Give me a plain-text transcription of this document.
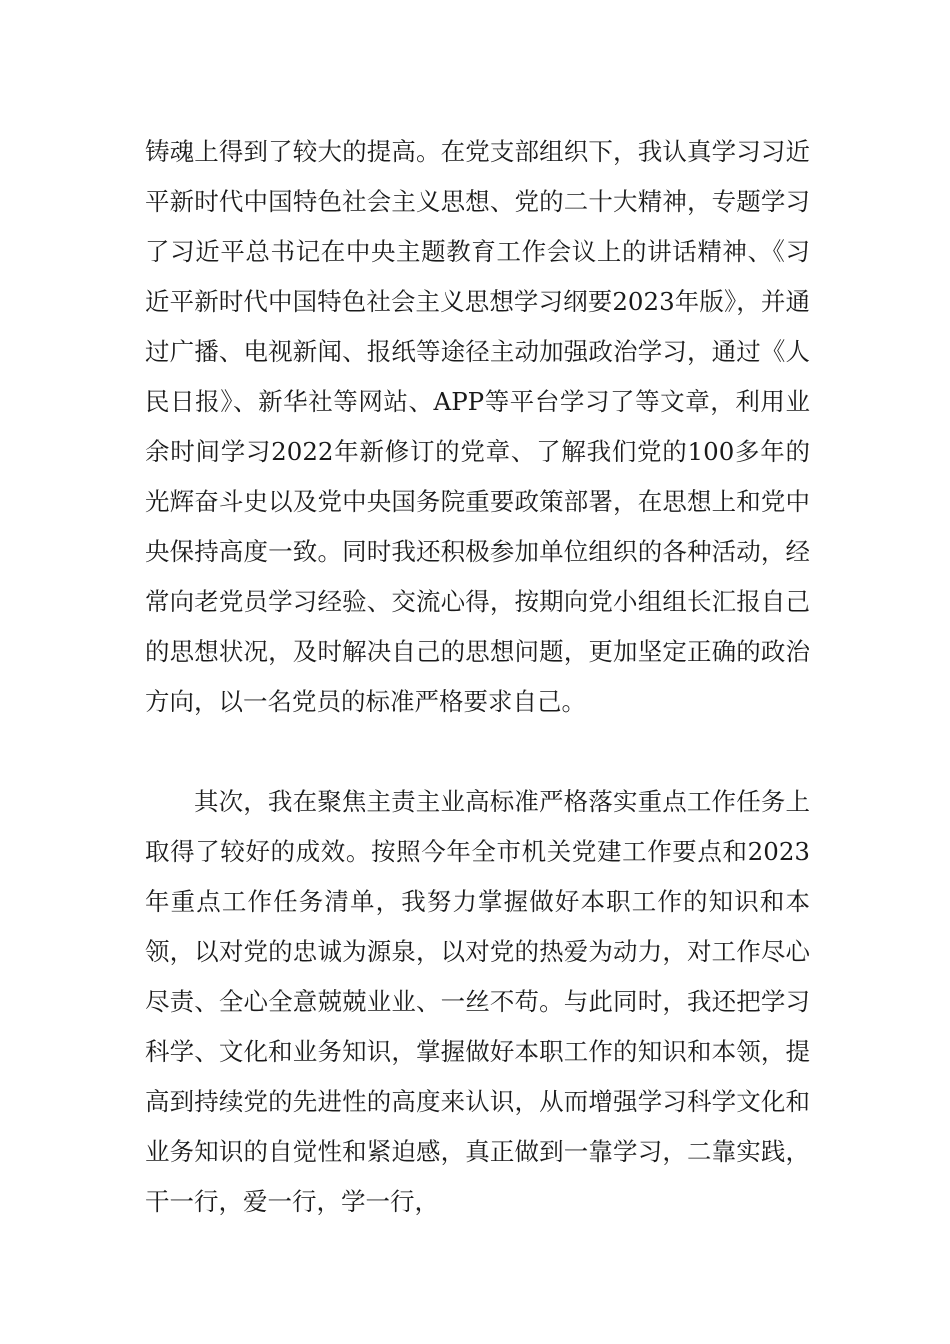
铸魂上得到了较大的提高。在党支部组织下，我认真学习习近平新时代中国特色社会主义思想、党的二十大精神，专题学习了习近平总书记在中央主题教育工作会议上的讲话精神、《习近平新时代中国特色社会主义思想学习纲要2023年版》，并通过广播、电视新闻、报纸等途径主动加强政治学习，通过《人民日报》、新华社等网站、APP等平台学习了等文章，利用业余时间学习2022年新修订的党章、了解我们党的100多年的光辉奋斗史以及党中央国务院重要政策部署，在思想上和党中央保持高度一致。同时我还积极参加单位组织的各种活动，经常向老党员学习经验、交流心得，按期向党小组组长汇报自己的思想状况，及时解决自己的思想问题，更加坚定正确的政治方向，以一名党员的标准严格要求自己。

其次，我在聚焦主责主业高标准严格落实重点工作任务上取得了较好的成效。按照今年全市机关党建工作要点和2023年重点工作任务清单，我努力掌握做好本职工作的知识和本领，以对党的忠诚为源泉，以对党的热爱为动力，对工作尽心尽责、全心全意兢兢业业、一丝不苟。与此同时，我还把学习科学、文化和业务知识，掌握做好本职工作的知识和本领，提高到持续党的先进性的高度来认识，从而增强学习科学文化和业务知识的自觉性和紧迫感，真正做到一靠学习，二靠实践，干一行，爱一行，学一行，
